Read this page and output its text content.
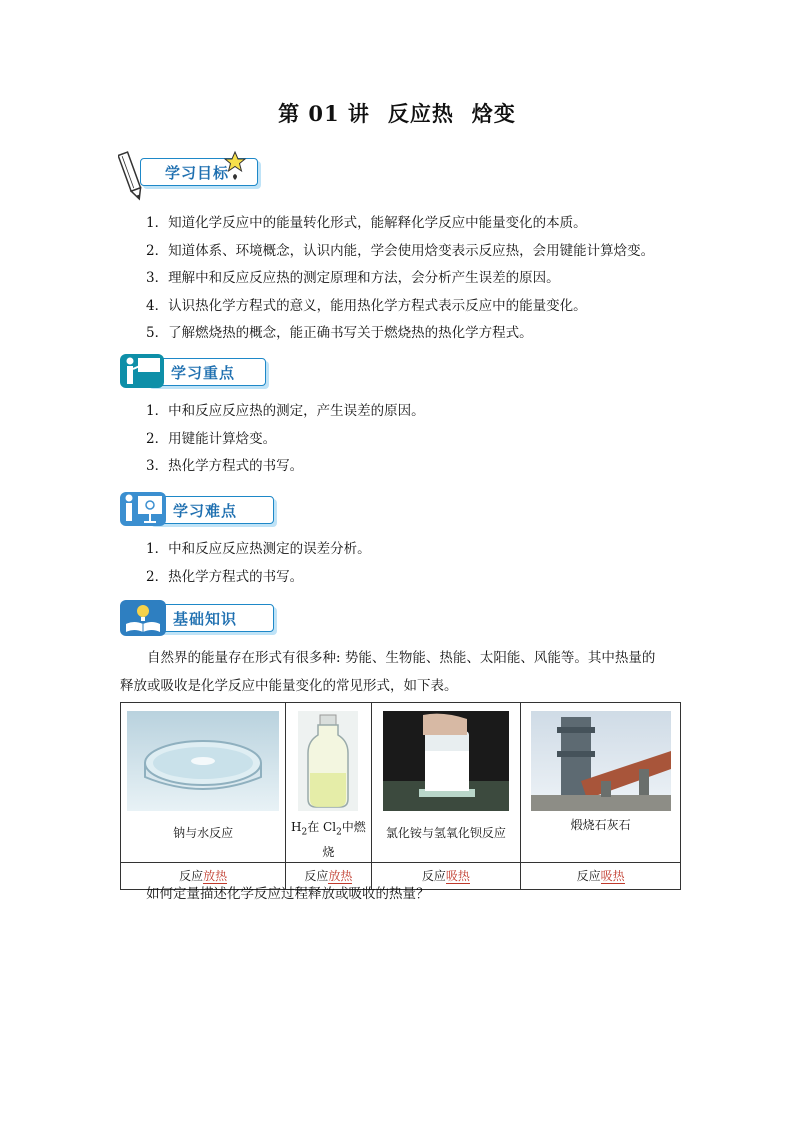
第 01 讲 反应热 焓变
学习目标
1．知道化学反应中的能量转化形式，能解释化学反应中能量变化的本质。
2．知道体系、环境概念，认识内能，学会使用焓变表示反应热，会用键能计算焓变。
3．理解中和反应反应热的测定原理和方法，会分析产生误差的原因。
4．认识热化学方程式的意义，能用热化学方程式表示反应中的能量变化。
5．了解燃烧热的概念，能正确书写关于燃烧热的热化学方程式。
学习重点
1．中和反应反应热的测定，产生误差的原因。
2．用键能计算焓变。
3．热化学方程式的书写。
学习难点
1．中和反应反应热测定的误差分析。
2．热化学方程式的书写。
基础知识
自然界的能量存在形式有很多种: 势能、生物能、热能、太阳能、风能等。其中热量的
释放或吸收是化学反应中能量变化的常见形式，如下表。
钠与水反应	$H_2$在 $Cl_2$中燃烧	氯化铵与氢氧化钡反应	煅烧石灰石

反应放热	反应放热	反应吸热	反应吸热
如何定量描述化学反应过程释放或吸收的热量？
